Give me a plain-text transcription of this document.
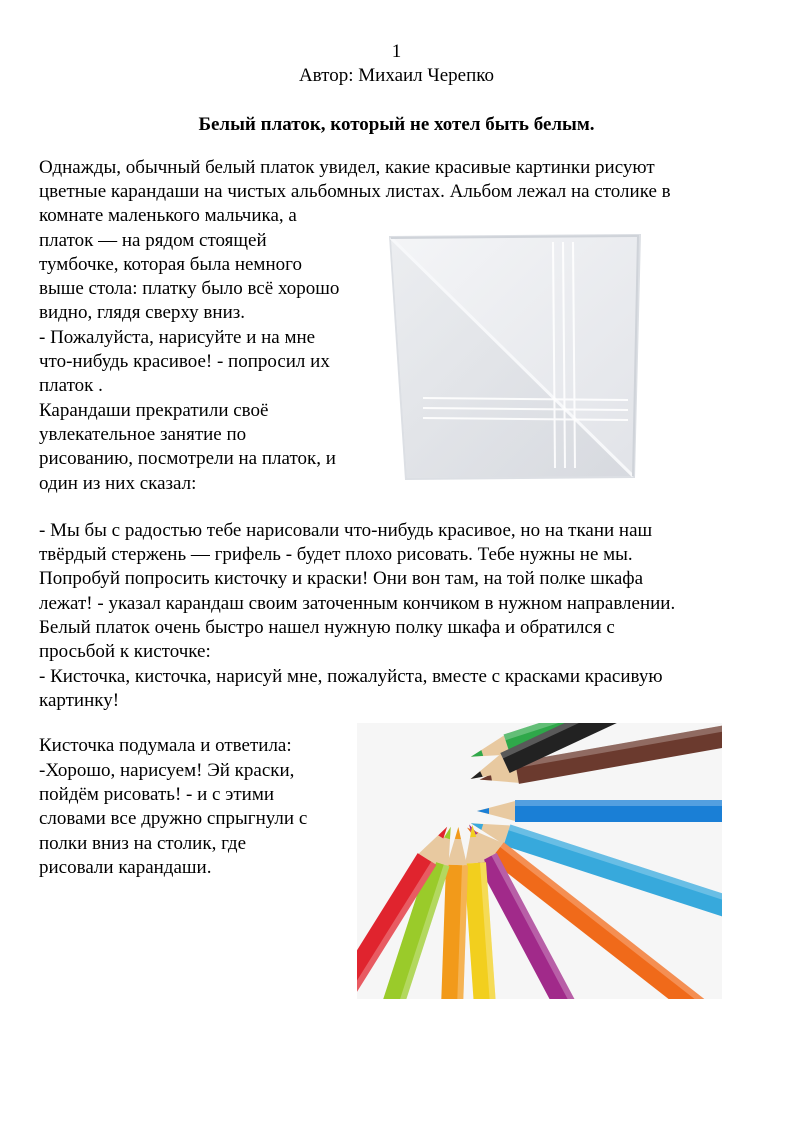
1

Автор: Михаил Черепко

Белый платок, который не хотел быть белым.

Однажды, обычный белый платок увидел, какие красивые картинки рисуют

цветные карандаши на чистых альбомных листах. Альбом лежал на столике в

комнате маленького мальчика, а

платок — на рядом стоящей

тумбочке, которая была немного

выше стола: платку было всё хорошо

видно, глядя сверху вниз.

- Пожалуйста, нарисуйте и на мне

что-нибудь красивое! - попросил их

платок .

Карандаши прекратили своё

увлекательное занятие по

рисованию, посмотрели на платок, и

один из них сказал:

- Мы бы с радостью тебе нарисовали что-нибудь красивое, но на ткани наш

твёрдый стержень — грифель - будет плохо рисовать. Тебе нужны не мы.

Попробуй попросить кисточку и краски! Они вон там, на той полке шкафа

лежат! - указал карандаш своим заточенным кончиком в нужном направлении.

Белый платок очень быстро нашел нужную полку шкафа и обратился с

просьбой к кисточке:

- Кисточка, кисточка, нарисуй мне, пожалуйста, вместе с красками красивую

картинку!

Кисточка подумала и ответила:

-Хорошо, нарисуем! Эй краски,

пойдём рисовать! - и с этими

словами все дружно спрыгнули с

полки вниз на столик, где

рисовали карандаши.
